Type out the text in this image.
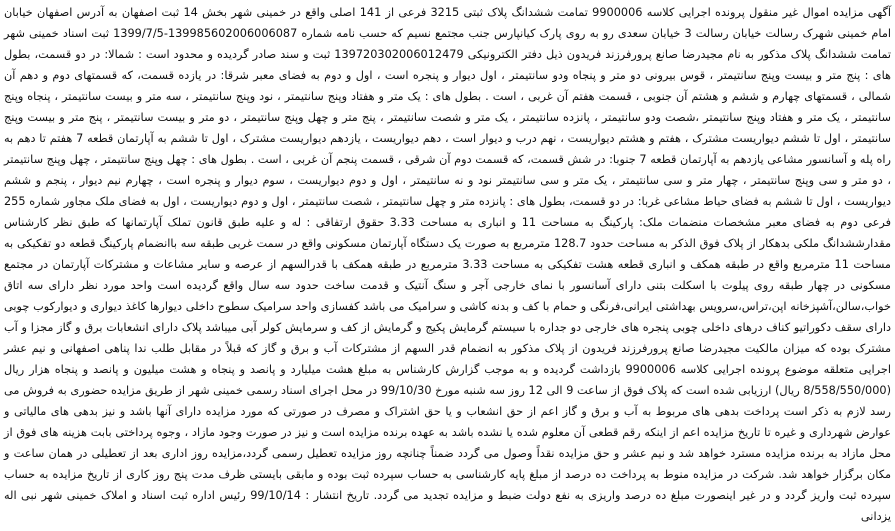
آگهی مزایده اموال غیر منقول پرونده اجرایی کلاسه 9900006 تمامت ششدانگ پلاک ثبتی 3215 فرعی از 141 اصلی واقع در خمینی شهر بخش 14 ثبت اصفهان به آدرس اصفهان خیابان امام خمینی شهرک رسالت خیابان رسالت 3 خیابان سعدی رو به روی پارک کیانپارس جنب مجتمع نسیم که حسب نامه شماره 139985602006006087-1399/7/5 ثبت اسناد خمینی شهر تمامت ششدانگ پلاک مذکور به نام مجیدرضا صانع پرورفرزند فریدون ذیل دفتر الکترونیکی 139720302006012479 ثبت و سند صادر گردیده و محدود است : شمالا: در دو قسمت، بطول های : پنج متر و بیست وپنج سانتیمتر ، قوس بیرونی دو متر و پنجاه ودو سانتیمتر ، اول دیوار و پنجره است ، اول و دوم به فضای معبر شرقا: در یازده قسمت، که قسمتهای دوم و دهم آن شمالی ، قسمتهای چهارم و ششم و هشتم آن جنوبی ، قسمت هفتم آن غربی ، است . بطول های : یک متر و هفتاد وپنج سانتیمتر ، نود وپنج سانتیمتر ، سه متر و بیست سانتیمتر ، پنجاه وپنج سانتیمتر ، یک متر و هفتاد وپنج سانتیمتر ،شصت ودو سانتیمتر ، پانزده سانتیمتر ، یک متر و شصت سانتیمتر ، پنج متر و چهل وپنج سانتیمتر ، دو متر و بیست سانتیمتر ، پنج متر و بیست وپنج سانتیمتر ، اول تا ششم دیواریست مشترک ، هفتم و هشتم دیواریست ، نهم درب و دیوار است ، دهم دیواریست ، یازدهم دیواریست مشترک ، اول تا ششم به آپارتمان قطعه 7 هفتم تا دهم به راه پله و آسانسور مشاعی یازدهم به آپارتمان قطعه 7 جنوبا: در شش قسمت، که قسمت دوم آن شرقی ، قسمت پنجم آن غربی ، است . بطول های : چهل وپنج سانتیمتر ، چهل وپنج سانتیمتر ، دو متر و سی وپنج سانتیمتر ، چهار متر و سی سانتیمتر ، یک متر و سی سانتیمتر نود و نه سانتیمتر ، اول و دوم دیواریست ، سوم دیوار و پنجره است ، چهارم نیم دیوار ، پنجم و ششم دیواریست ، اول تا ششم به فضای حیاط مشاعی غربا: در دو قسمت، بطول های : پانزده متر و چهل سانتیمتر ، شصت سانتیمتر ، اول و دوم دیواریست ، اول به فضای ملک مجاور شماره 255 فرعی دوم به فضای معبر مشخصات منضمات ملک: پارکینگ به مساحت 11 و انباری به مساحت 3.33 حقوق ارتفاقی : له و علیه طبق قانون تملک آپارتمانها که طبق نظر کارشناس مقدارششدانگ ملکی بدهکار از پلاک فوق الذکر به مساحت حدود 128.7 مترمربع به صورت یک دستگاه آپارتمان مسکونی واقع در سمت غربی طبقه سه باانضمام پارکینگ قطعه دو تفکیکی به مساحت 11 مترمربع واقع در طبقه همکف و انباری قطعه هشت تفکیکی به مساحت 3.33 مترمربع در طبقه همکف با قدرالسهم از عرصه و سایر مشاعات و مشترکات آپارتمان در مجتمع مسکونی در چهار طبقه روی پیلوت با اسکلت بتنی دارای آسانسور با نمای خارجی آجر و سنگ آنتیک و قدمت ساخت حدود سه سال واقع گردیده است واحد مورد نظر دارای سه اتاق خواب،سالن،آشپزخانه اپن،تراس،سرویس بهداشتی ایرانی،فرنگی و حمام با کف و بدنه کاشی و سرامیک می باشد کفسازی واحد سرامیک سطوح داخلی دیوارها کاغذ دیواری و دیوارکوب چوبی دارای سقف دکوراتیو کناف درهای داخلی چوبی پنجره های خارجی دو جداره با سیستم گرمایش پکیج و گرمایش از کف و سرمایش کولر آبی میباشد پلاک دارای انشعابات برق و گاز مجزا و آب مشترک بوده که میزان مالکیت مجیدرضا صانع پرورفرزند فریدون از پلاک مذکور به انضمام قدر السهم از مشترکات آب و برق و گاز که قبلاً در مقابل طلب ندا پناهی اصفهانی و نیم عشر اجرایی متعلقه موضوع پرونده اجرایی کلاسه 9900006 بازداشت گردیده و به موجب گزارش کارشناس به مبلغ هشت میلیارد و پانصد و پنجاه و هشت میلیون و پانصد و پنجاه هزار ریال (8/558/550/000 ریال) ارزیابی شده است که پلاک فوق از ساعت 9 الی 12 روز سه شنبه مورخ 99/10/30 در محل اجرای اسناد رسمی خمینی شهر از طریق مزایده حضوری به فروش می رسد لازم به ذکر است پرداخت بدهی های مربوط به آب و برق و گاز اعم از حق انشعاب و یا حق اشتراک و مصرف در صورتی که مورد مزایده دارای آنها باشد و نیز بدهی های مالیاتی و عوارض شهرداری و غیره تا تاریخ مزایده اعم از اینکه رقم قطعی آن معلوم شده یا نشده باشد به عهده برنده مزایده است و نیز در صورت وجود مازاد ، وجوه پرداختی بابت هزینه های فوق از محل مازاد به برنده مزایده مسترد خواهد شد و نیم عشر و حق مزایده نقداً وصول می گردد ضمناً چنانچه روز مزایده تعطیل رسمی گردد،مزایده روز اداری بعد از تعطیلی در همان ساعت و مکان برگزار خواهد شد. شرکت در مزایده منوط به پرداخت ده درصد از مبلغ پایه کارشناسی به حساب سپرده ثبت بوده و مابقی بایستی ظرف مدت پنج روز کاری از تاریخ مزایده به حساب سپرده ثبت واریز گردد و در غیر اینصورت مبلغ ده درصد واریزی به نفع دولت ضبط و مزایده تجدید می گردد. تاریخ انتشار : 99/10/14 رئیس اداره ثبت اسناد و املاک خمینی شهر نبی اله یزدانی
